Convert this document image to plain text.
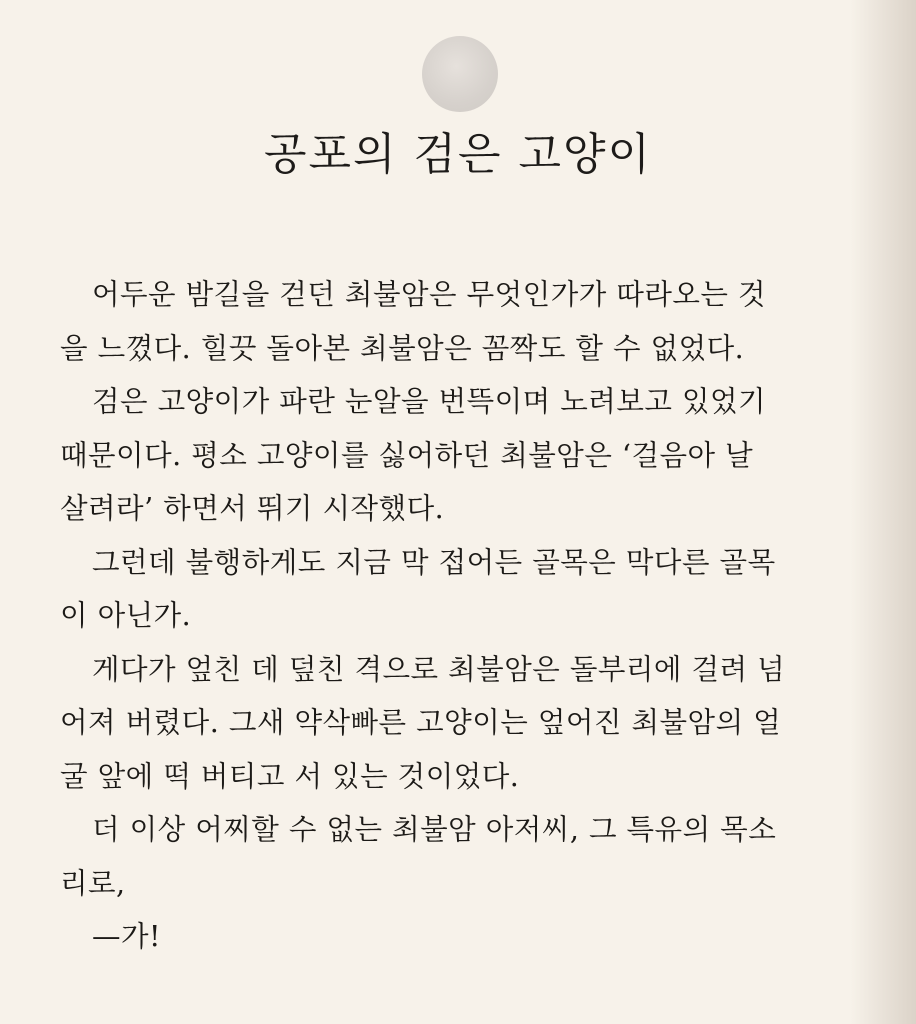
공포의 검은 고양이
어두운 밤길을 걷던 최불암은 무엇인가가 따라오는 것
을 느꼈다. 힐끗 돌아본 최불암은 꼼짝도 할 수 없었다.
검은 고양이가 파란 눈알을 번뜩이며 노려보고 있었기
때문이다. 평소 고양이를 싫어하던 최불암은 ‘걸음아 날
살려라’ 하면서 뛰기 시작했다.
그런데 불행하게도 지금 막 접어든 골목은 막다른 골목
이 아닌가.
게다가 엎친 데 덮친 격으로 최불암은 돌부리에 걸려 넘
어져 버렸다. 그새 약삭빠른 고양이는 엎어진 최불암의 얼
굴 앞에 떡 버티고 서 있는 것이었다.
더 이상 어찌할 수 없는 최불암 아저씨, 그 특유의 목소
리로,
—가!
